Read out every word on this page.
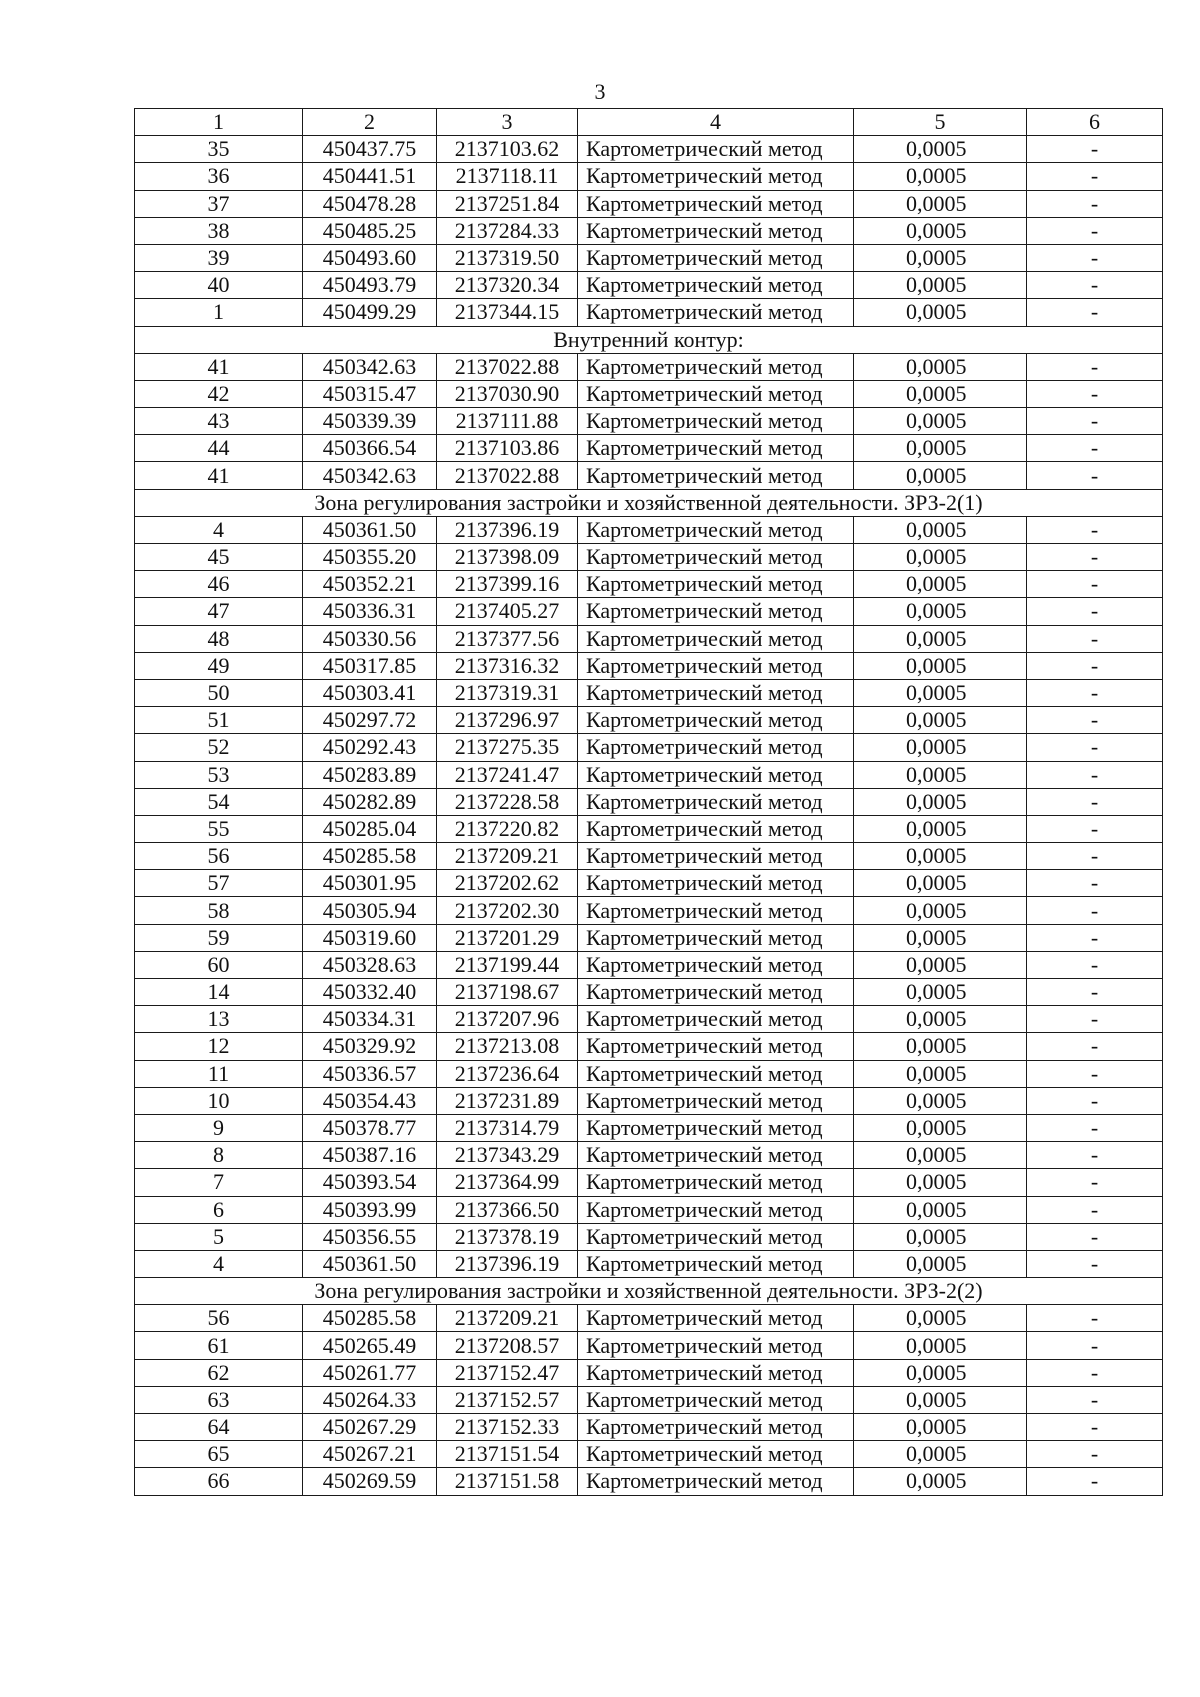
3
1	2	3	4	5	6
35	450437.75	2137103.62	Картометрический метод	0,0005	-
36	450441.51	2137118.11	Картометрический метод	0,0005	-
37	450478.28	2137251.84	Картометрический метод	0,0005	-
38	450485.25	2137284.33	Картометрический метод	0,0005	-
39	450493.60	2137319.50	Картометрический метод	0,0005	-
40	450493.79	2137320.34	Картометрический метод	0,0005	-
1	450499.29	2137344.15	Картометрический метод	0,0005	-
Внутренний контур:					
41	450342.63	2137022.88	Картометрический метод	0,0005	-
42	450315.47	2137030.90	Картометрический метод	0,0005	-
43	450339.39	2137111.88	Картометрический метод	0,0005	-
44	450366.54	2137103.86	Картометрический метод	0,0005	-
41	450342.63	2137022.88	Картометрический метод	0,0005	-
Зона регулирования застройки и хозяйственной деятельности. ЗРЗ-2(1)					
4	450361.50	2137396.19	Картометрический метод	0,0005	-
45	450355.20	2137398.09	Картометрический метод	0,0005	-
46	450352.21	2137399.16	Картометрический метод	0,0005	-
47	450336.31	2137405.27	Картометрический метод	0,0005	-
48	450330.56	2137377.56	Картометрический метод	0,0005	-
49	450317.85	2137316.32	Картометрический метод	0,0005	-
50	450303.41	2137319.31	Картометрический метод	0,0005	-
51	450297.72	2137296.97	Картометрический метод	0,0005	-
52	450292.43	2137275.35	Картометрический метод	0,0005	-
53	450283.89	2137241.47	Картометрический метод	0,0005	-
54	450282.89	2137228.58	Картометрический метод	0,0005	-
55	450285.04	2137220.82	Картометрический метод	0,0005	-
56	450285.58	2137209.21	Картометрический метод	0,0005	-
57	450301.95	2137202.62	Картометрический метод	0,0005	-
58	450305.94	2137202.30	Картометрический метод	0,0005	-
59	450319.60	2137201.29	Картометрический метод	0,0005	-
60	450328.63	2137199.44	Картометрический метод	0,0005	-
14	450332.40	2137198.67	Картометрический метод	0,0005	-
13	450334.31	2137207.96	Картометрический метод	0,0005	-
12	450329.92	2137213.08	Картометрический метод	0,0005	-
11	450336.57	2137236.64	Картометрический метод	0,0005	-
10	450354.43	2137231.89	Картометрический метод	0,0005	-
9	450378.77	2137314.79	Картометрический метод	0,0005	-
8	450387.16	2137343.29	Картометрический метод	0,0005	-
7	450393.54	2137364.99	Картометрический метод	0,0005	-
6	450393.99	2137366.50	Картометрический метод	0,0005	-
5	450356.55	2137378.19	Картометрический метод	0,0005	-
4	450361.50	2137396.19	Картометрический метод	0,0005	-
Зона регулирования застройки и хозяйственной деятельности. ЗРЗ-2(2)					
56	450285.58	2137209.21	Картометрический метод	0,0005	-
61	450265.49	2137208.57	Картометрический метод	0,0005	-
62	450261.77	2137152.47	Картометрический метод	0,0005	-
63	450264.33	2137152.57	Картометрический метод	0,0005	-
64	450267.29	2137152.33	Картометрический метод	0,0005	-
65	450267.21	2137151.54	Картометрический метод	0,0005	-
66	450269.59	2137151.58	Картометрический метод	0,0005	-
